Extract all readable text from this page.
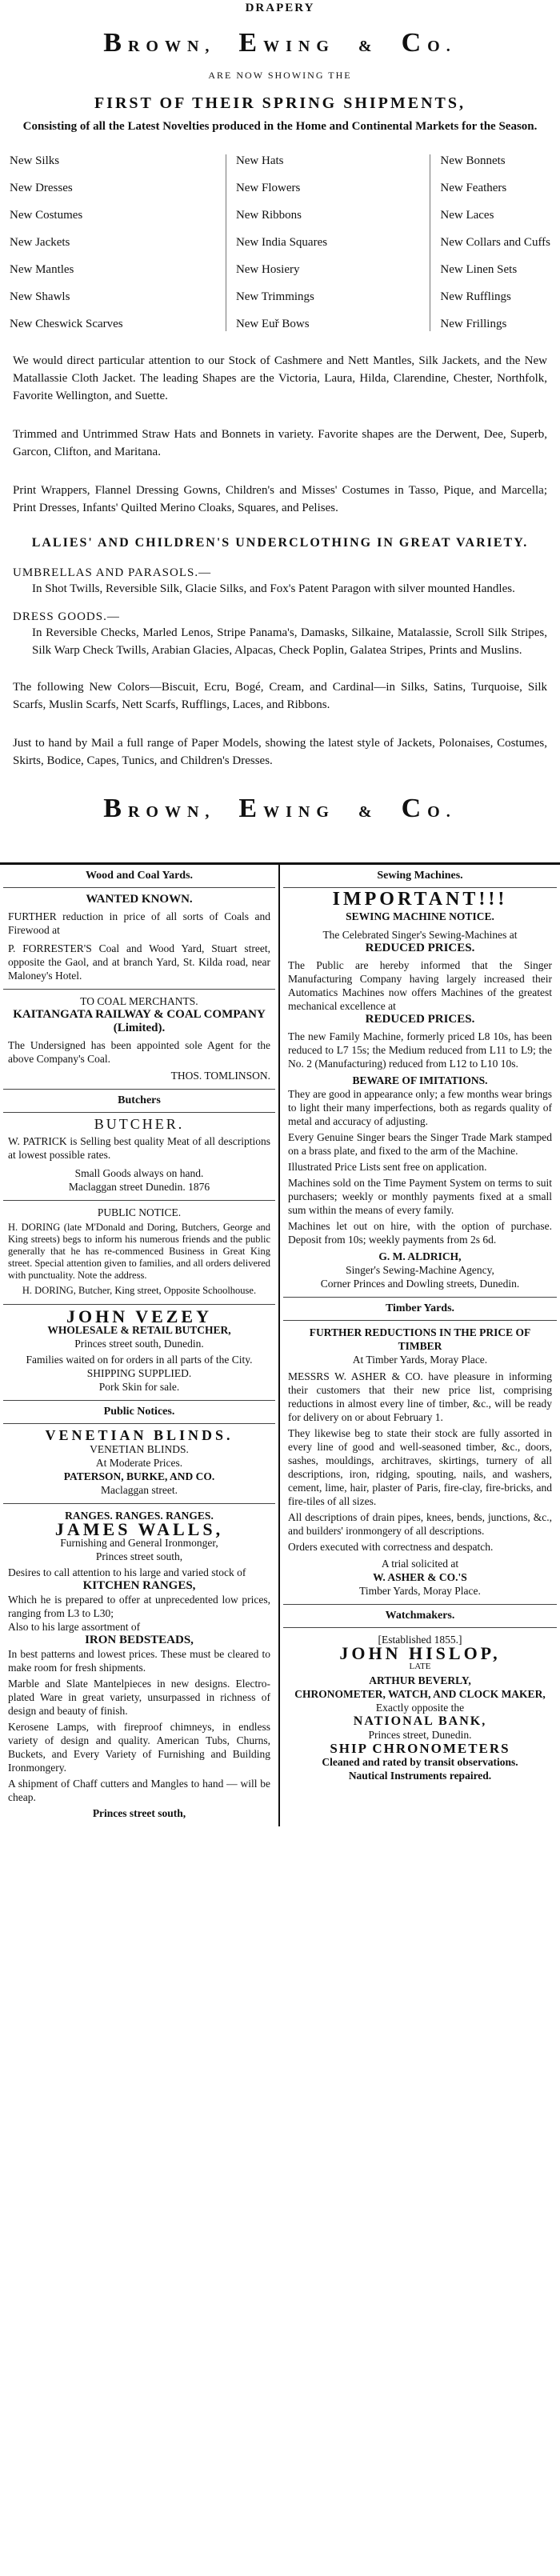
DRAPERY
BROWN, EWING & CO.
ARE NOW SHOWING THE
FIRST OF THEIR SPRING SHIPMENTS,

Consisting of all the Latest Novelties produced in the Home and Continental Markets for the Season.

New Silks
New Dresses
New Costumes
New Jackets
New Mantles
New Shawls
New Cheswick Scarves
New Hats
New Flowers
New Ribbons
New India Squares
New Hosiery
New Trimmings
New Euř Bows
New Bonnets
New Feathers
New Laces
New Collars and Cuffs
New Linen Sets
New Rufflings
New Frillings

We would direct particular attention to our Stock of Cashmere and Nett Mantles, Silk Jackets, and the New Matallassie Cloth Jacket. The leading Shapes are the Victoria, Laura, Hilda, Clarendine, Chester, Northfolk, Favorite Wellington, and Suette.

Trimmed and Untrimmed Straw Hats and Bonnets in variety. Favorite shapes are the Derwent, Dee, Superb, Garcon, Clifton, and Maritana.

Print Wrappers, Flannel Dressing Gowns, Children's and Misses' Costumes in Tasso, Pique, and Marcella; Print Dresses, Infants' Quilted Merino Cloaks, Squares, and Pelises.

LALIES' AND CHILDREN'S UNDERCLOTHING IN GREAT VARIETY.
UMBRELLAS AND PARASOLS.—

In Shot Twills, Reversible Silk, Glacie Silks, and Fox's Patent Paragon with silver mounted Handles.

DRESS GOODS.—

In Reversible Checks, Marled Lenos, Stripe Panama's, Damasks, Silkaine, Matalassie, Scroll Silk Stripes, Silk Warp Check Twills, Arabian Glacies, Alpacas, Check Poplin, Galatea Stripes, Prints and Muslins.

The following New Colors—Biscuit, Ecru, Bogé, Cream, and Cardinal—in Silks, Satins, Turquoise, Silk Scarfs, Muslin Scarfs, Nett Scarfs, Rufflings, Laces, and Ribbons.

Just to hand by Mail a full range of Paper Models, showing the latest style of Jackets, Polonaises, Costumes, Skirts, Bodice, Capes, Tunics, and Children's Dresses.

BROWN, EWING & CO.
Wood and Coal Yards.
WANTED KNOWN.

FURTHER reduction in price of all sorts of Coals and Firewood at

P. FORRESTER'S Coal and Wood Yard, Stuart street, opposite the Gaol, and at branch Yard, St. Kilda road, near Maloney's Hotel.

TO COAL MERCHANTS.
KAITANGATA RAILWAY & COAL COMPANY (Limited).

The Undersigned has been appointed sole Agent for the above Company's Coal.

THOS. TOMLINSON.

Butchers
BUTCHER.

W. PATRICK is Selling best quality Meat of all descriptions at lowest possible rates.

Small Goods always on hand.

Maclaggan street Dunedin. 1876

PUBLIC NOTICE.

H. DORING (late M'Donald and Doring, Butchers, George and King streets) begs to inform his numerous friends and the public generally that he has re-commenced Business in Great King street. Special attention given to families, and all orders delivered with punctuality. Note the address.

H. DORING, Butcher, King street, Opposite Schoolhouse.

JOHN VEZEY
WHOLESALE & RETAIL BUTCHER,
Princes street south, Dunedin.

Families waited on for orders in all parts of the City.

SHIPPING SUPPLIED.

Pork Skin for sale.

Public Notices.
VENETIAN BLINDS.
VENETIAN BLINDS.
At Moderate Prices.
PATERSON, BURKE, AND CO.
Maclaggan street.
RANGES. RANGES. RANGES.
JAMES WALLS,
Furnishing and General Ironmonger,
Princes street south,

Desires to call attention to his large and varied stock of

KITCHEN RANGES,

Which he is prepared to offer at unprecedented low prices, ranging from L3 to L30;

Also to his large assortment of

IRON BEDSTEADS,

In best patterns and lowest prices. These must be cleared to make room for fresh shipments.

Marble and Slate Mantelpieces in new designs. Electro-plated Ware in great variety, unsurpassed in richness of design and beauty of finish.

Kerosene Lamps, with fireproof chimneys, in endless variety of design and quality. American Tubs, Churns, Buckets, and Every Variety of Furnishing and Building Ironmongery.

A shipment of Chaff cutters and Mangles to hand — will be cheap.

Princes street south,

Sewing Machines.
IMPORTANT!!!
SEWING MACHINE NOTICE.

The Celebrated Singer's Sewing-Machines at

REDUCED PRICES.

The Public are hereby informed that the Singer Manufacturing Company having largely increased their Automatics Machines now offers Machines of the greatest mechanical excellence at

REDUCED PRICES.

The new Family Machine, formerly priced L8 10s, has been reduced to L7 15s; the Medium reduced from L11 to L9; the No. 2 (Manufacturing) reduced from L12 to L10 10s.

BEWARE OF IMITATIONS.

They are good in appearance only; a few months wear brings to light their many imperfections, both as regards quality of metal and accuracy of adjusting.

Every Genuine Singer bears the Singer Trade Mark stamped on a brass plate, and fixed to the arm of the Machine.

Illustrated Price Lists sent free on application.

Machines sold on the Time Payment System on terms to suit purchasers; weekly or monthly payments fixed at a small sum within the means of every family.

Machines let out on hire, with the option of purchase. Deposit from 10s; weekly payments from 2s 6d.

G. M. ALDRICH,
Singer's Sewing-Machine Agency,
Corner Princes and Dowling streets, Dunedin.
Timber Yards.
FURTHER REDUCTIONS IN THE PRICE OF TIMBER
At Timber Yards, Moray Place.

MESSRS W. ASHER & CO. have pleasure in informing their customers that their new price list, comprising reductions in almost every line of timber, &c., will be ready for delivery on or about February 1.

They likewise beg to state their stock are fully assorted in every line of good and well-seasoned timber, &c., doors, sashes, mouldings, architraves, skirtings, turnery of all descriptions, iron, ridging, spouting, nails, and washers, cement, lime, hair, plaster of Paris, fire-clay, fire-bricks, and fire-tiles of all sizes.

All descriptions of drain pipes, knees, bends, junctions, &c., and builders' ironmongery of all descriptions.

Orders executed with correctness and despatch.

A trial solicited at

W. ASHER & CO.'S
Timber Yards, Moray Place.
Watchmakers.
[Established 1855.]
JOHN HISLOP,
LATE
ARTHUR BEVERLY,
CHRONOMETER, WATCH, AND CLOCK MAKER,
Exactly opposite the
NATIONAL BANK,
Princes street, Dunedin.
SHIP CHRONOMETERS
Cleaned and rated by transit observations.
Nautical Instruments repaired.
